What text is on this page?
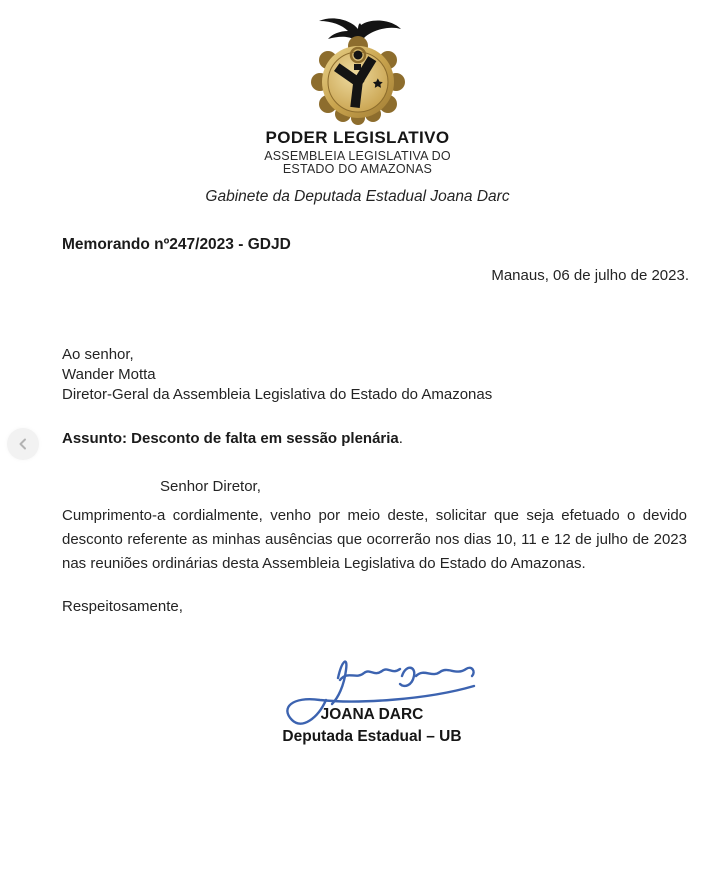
PODER LEGISLATIVO
ASSEMBLEIA LEGISLATIVA DO
ESTADO DO AMAZONAS
Gabinete da Deputada Estadual Joana Darc
Memorando nº247/2023 - GDJD
Manaus, 06 de julho de 2023.
Ao senhor,
Wander Motta
Diretor-Geral da Assembleia Legislativa do Estado do Amazonas
Assunto: Desconto de falta em sessão plenária.
Senhor Diretor,
Cumprimento-a cordialmente, venho por meio deste, solicitar que seja efetuado o devido desconto referente as minhas ausências que ocorrerão nos dias 10, 11 e 12 de julho de 2023 nas reuniões ordinárias desta Assembleia Legislativa do Estado do Amazonas.
Respeitosamente,
JOANA DARC
Deputada Estadual – UB
